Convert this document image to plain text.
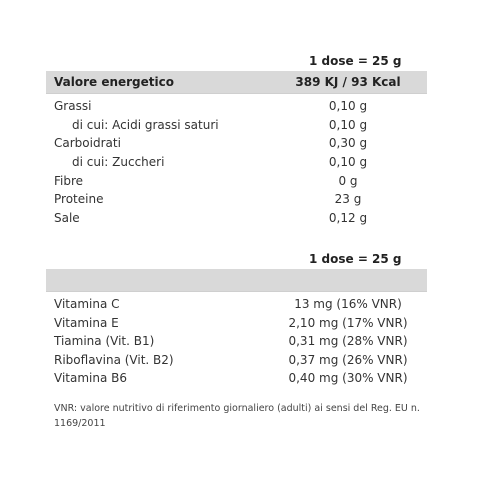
1 dose = 25 g
Valore energetico	389 KJ / 93 Kcal
Grassi	0,10 g
di cui: Acidi grassi saturi	0,10 g
Carboidrati	0,30 g
di cui: Zuccheri	0,10 g
Fibre	0 g
Proteine	23 g
Sale	0,12 g
1 dose = 25 g
Vitamina C	13 mg (16% VNR)
Vitamina E	2,10 mg (17% VNR)
Tiamina (Vit. B1)	0,31 mg (28% VNR)
Riboflavina (Vit. B2)	0,37 mg (26% VNR)
Vitamina B6	0,40 mg (30% VNR)
VNR: valore nutritivo di riferimento giornaliero (adulti) ai sensi del Reg. EU n. 1169/2011
